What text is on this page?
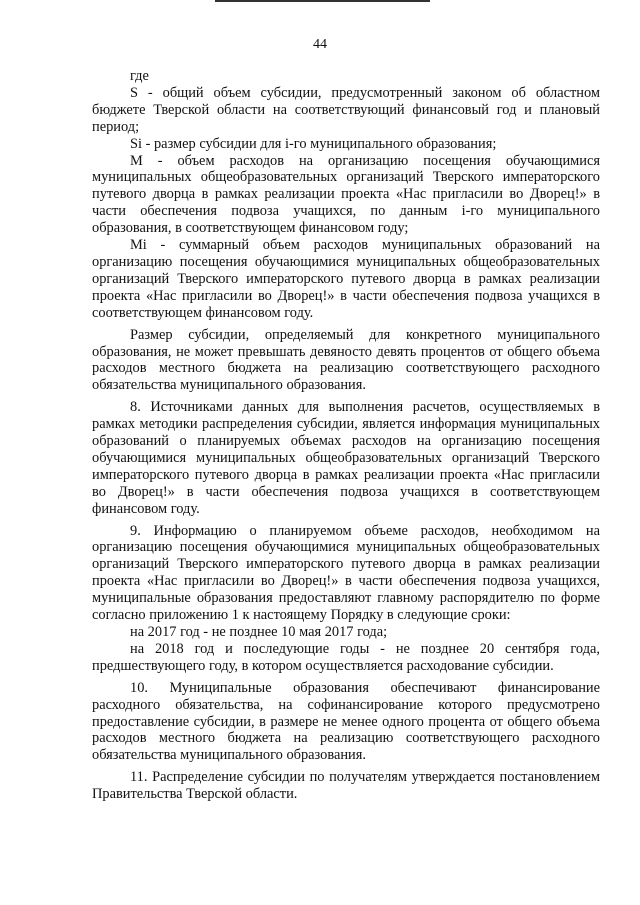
44

где

S - общий объем субсидии, предусмотренный законом об областном бюджете Тверской области на соответствующий финансовый год и плановый период;

Si - размер субсидии для i-го муниципального образования;

M - объем расходов на организацию посещения обучающимися муниципальных общеобразовательных организаций Тверского императорского путевого дворца в рамках реализации проекта «Нас пригласили во Дворец!» в части обеспечения подвоза учащихся, по данным i-го муниципального образования, в соответствующем финансовом году;

Mi - суммарный объем расходов муниципальных образований на организацию посещения обучающимися муниципальных общеобразовательных организаций Тверского императорского путевого дворца в рамках реализации проекта «Нас пригласили во Дворец!» в части обеспечения подвоза учащихся в соответствующем финансовом году.

Размер субсидии, определяемый для конкретного муниципального образования, не может превышать девяносто девять процентов от общего объема расходов местного бюджета на реализацию соответствующего расходного обязательства муниципального образования.

8. Источниками данных для выполнения расчетов, осуществляемых в рамках методики распределения субсидии, является информация муниципальных образований о планируемых объемах расходов на организацию посещения обучающимися муниципальных общеобразовательных организаций Тверского императорского путевого дворца в рамках реализации проекта «Нас пригласили во Дворец!» в части обеспечения подвоза учащихся в соответствующем финансовом году.

9. Информацию о планируемом объеме расходов, необходимом на организацию посещения обучающимися муниципальных общеобразовательных организаций Тверского императорского путевого дворца в рамках реализации проекта «Нас пригласили во Дворец!» в части обеспечения подвоза учащихся, муниципальные образования предоставляют главному распорядителю по форме согласно приложению 1 к настоящему Порядку в следующие сроки:

на 2017 год - не позднее 10 мая 2017 года;

на 2018 год и последующие годы - не позднее 20 сентября года, предшествующего году, в котором осуществляется расходование субсидии.

10. Муниципальные образования обеспечивают финансирование расходного обязательства, на софинансирование которого предусмотрено предоставление субсидии, в размере не менее одного процента от общего объема расходов местного бюджета на реализацию соответствующего расходного обязательства муниципального образования.

11. Распределение субсидии по получателям утверждается постановлением Правительства Тверской области.
